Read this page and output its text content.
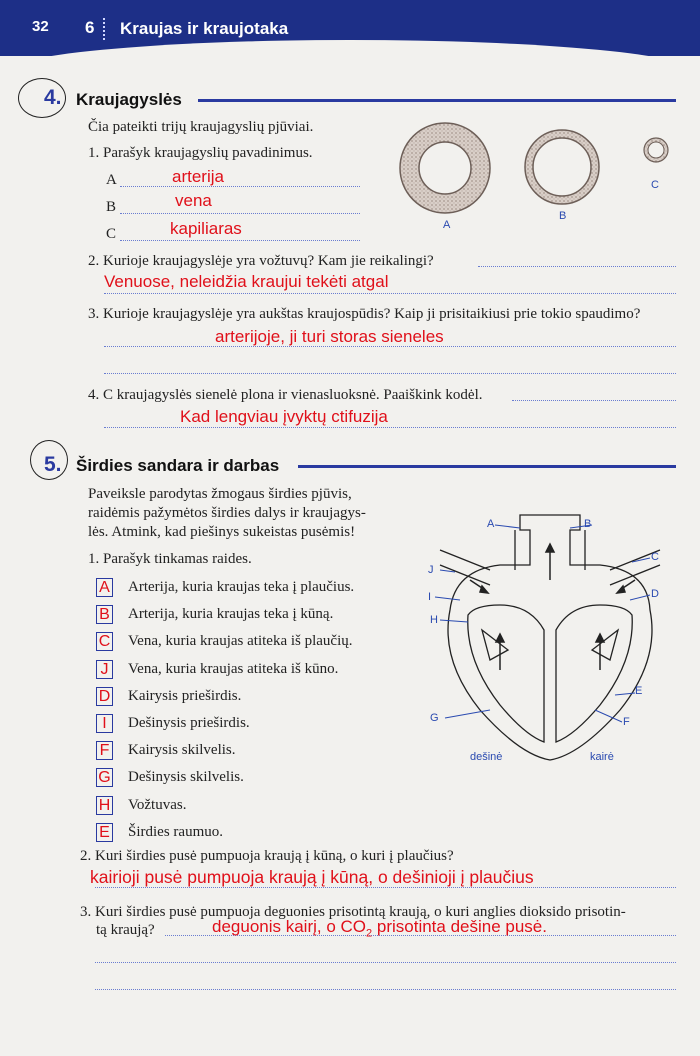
32 6 Kraujas ir kraujotaka
4. Kraujagyslės
Čia pateikti trijų kraujagyslių pjūviai.
1. Parašyk kraujagyslių pavadinimus.
A	arterija
B	vena
C	kapiliaras	A
B
C
2. Kurioje kraujagyslėje yra vožtuvų? Kam jie reikalingi?
Venuose, neleidžia kraujui tekėti atgal
3. Kurioje kraujagyslėje yra aukštas kraujospūdis? Kaip ji prisitaikiusi prie tokio spaudimo?
arterijoje, ji turi storas sieneles
4. C kraujagyslės sienelė plona ir vienasluoksnė. Paaiškink kodėl.
Kad lengviau įvyktų ctifuzija
5. Širdies sandara ir darbas
Paveiksle parodytas žmogaus širdies pjūvis,
raidėmis pažymėtos širdies dalys ir kraujagys-
lės. Atmink, kad piešinys sukeistas pusėmis!
1. Parašyk tinkamas raides.
A Arterija, kuria kraujas teka į plaučius.
B Arterija, kuria kraujas teka į kūną.
C Vena, kuria kraujas atiteka iš plaučių.
J	Vena, kuria kraujas atiteka iš kūno.
D Kairysis prieširdis.
I	Dešinysis prieširdis.
F Kairysis skilvelis.
G Dešinysis skilvelis.
H Vožtuvas.
E Širdies raumuo.
A	B
C
D
E
F
G
H
I
J
dešinė	kairė
2. Kuri širdies pusė pumpuoja kraują į kūną, o kuri į plaučius?
kairioji pusė pumpuoja kraują į kūną, o dešinioji į plaučius
3. Kuri širdies pusė pumpuoja deguonies prisotintą kraują, o kuri anglies dioksido prisotin-
tą kraują?	deguonis kairį, o $CO_2$ prisotinta dešine pusė.
